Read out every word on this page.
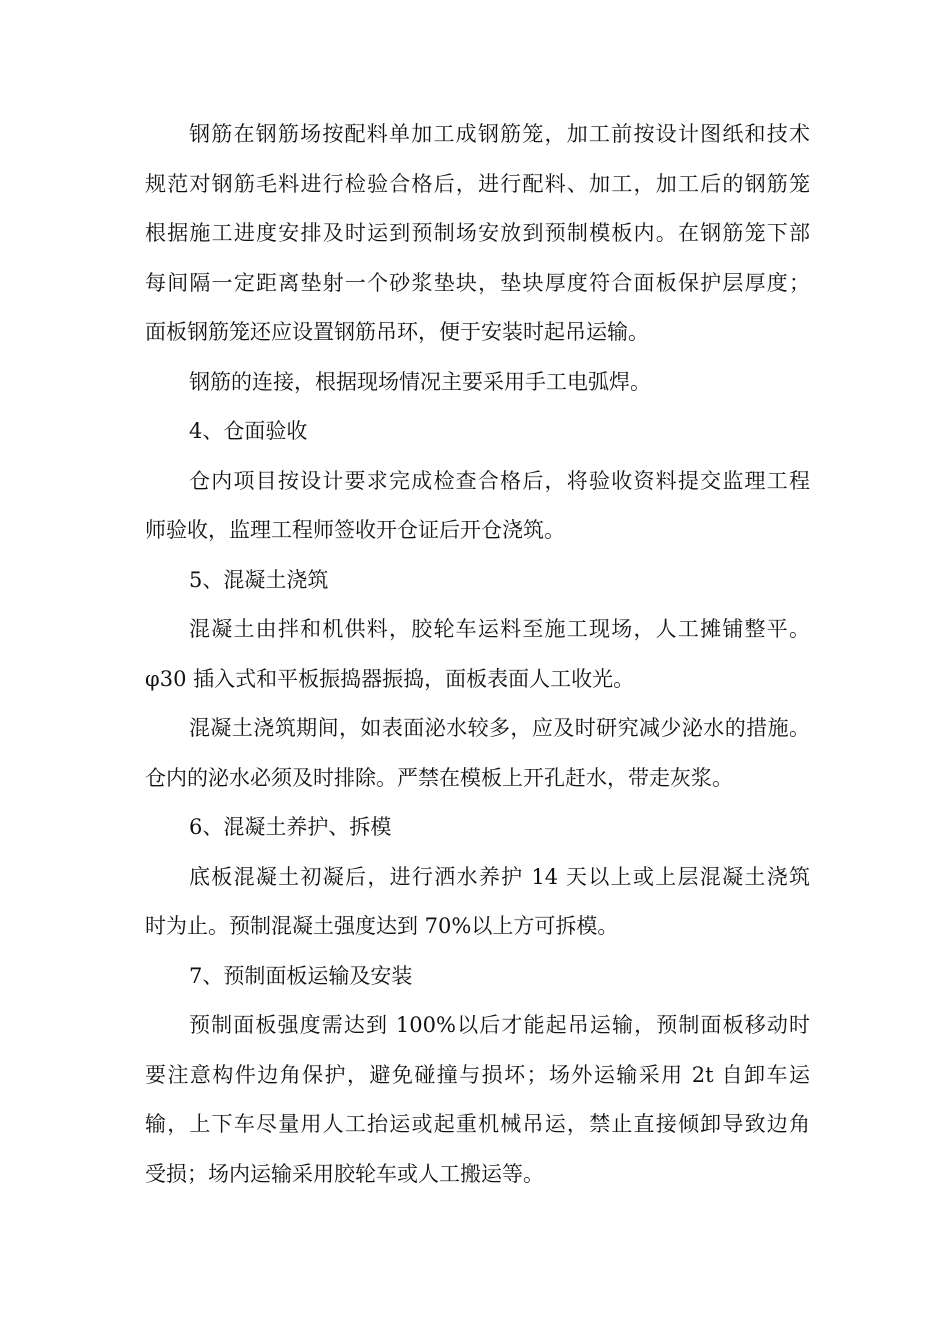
钢筋在钢筋场按配料单加工成钢筋笼，加工前按设计图纸和技术
规范对钢筋毛料进行检验合格后，进行配料、加工，加工后的钢筋笼
根据施工进度安排及时运到预制场安放到预制模板内。在钢筋笼下部
每间隔一定距离垫射一个砂浆垫块，垫块厚度符合面板保护层厚度；
面板钢筋笼还应设置钢筋吊环，便于安装时起吊运输。
钢筋的连接，根据现场情况主要采用手工电弧焊。
4、仓面验收
仓内项目按设计要求完成检查合格后，将验收资料提交监理工程
师验收，监理工程师签收开仓证后开仓浇筑。
5、混凝土浇筑
混凝土由拌和机供料，胶轮车运料至施工现场，人工摊铺整平。
φ30 插入式和平板振捣器振捣，面板表面人工收光。
混凝土浇筑期间，如表面泌水较多，应及时研究减少泌水的措施。
仓内的泌水必须及时排除。严禁在模板上开孔赶水，带走灰浆。
6、混凝土养护、拆模
底板混凝土初凝后，进行洒水养护 14 天以上或上层混凝土浇筑
时为止。预制混凝土强度达到 70%以上方可拆模。
7、预制面板运输及安装
预制面板强度需达到 100%以后才能起吊运输，预制面板移动时
要注意构件边角保护，避免碰撞与损坏；场外运输采用 2t 自卸车运
输，上下车尽量用人工抬运或起重机械吊运，禁止直接倾卸导致边角
受损；场内运输采用胶轮车或人工搬运等。
